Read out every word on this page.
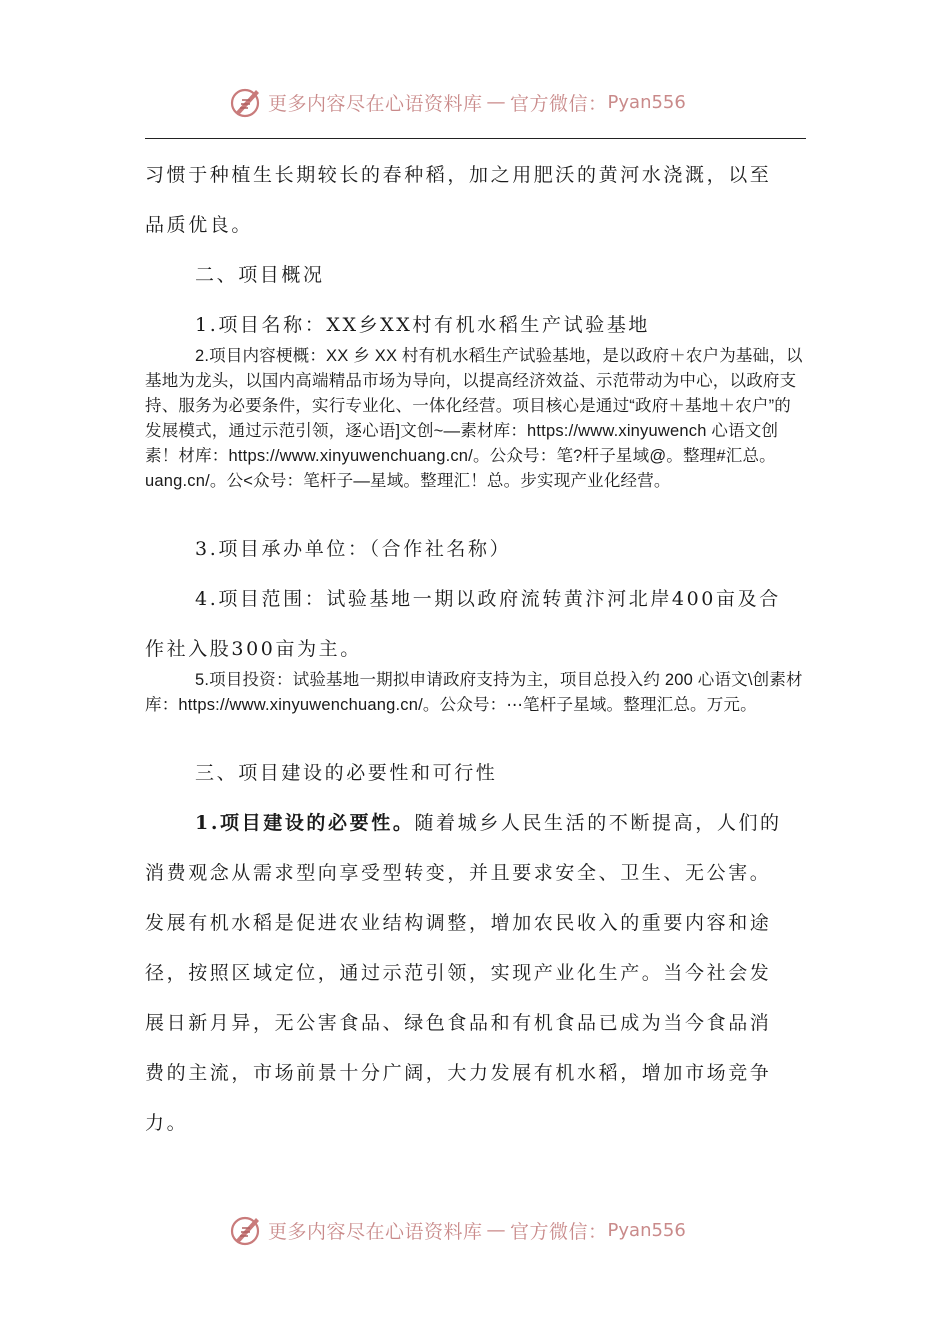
更多内容尽在心语资料库 — 官方微信： Pyan556
习惯于种植生长期较长的春种稻，加之用肥沃的黄河水浇溉，以至
品质优良。
二、项目概况
1.项目名称：XX乡XX村有机水稻生产试验基地

2.项目内容梗概：XX 乡 XX 村有机水稻生产试验基地，是以政府＋农户为基础，以基地为龙头，以国内高端精品市场为导向，以提高经济效益、示范带动为中心，以政府支持、服务为必要条件，实行专业化、一体化经营。项目核心是通过“政府＋基地＋农户”的发展模式，通过示范引领，逐心语]文创~—素材库：https://www.xinyuwench 心语文创素！材库：https://www.xinyuwenchuang.cn/。公众号：笔?杆子星域@。整理#汇总。uang.cn/。公<众号：笔杆子—星域。整理汇！总。步实现产业化经营。

3.项目承办单位：（合作社名称）
4.项目范围：试验基地一期以政府流转黄汴河北岸400亩及合
作社入股300亩为主。

5.项目投资：试验基地一期拟申请政府支持为主，项目总投入约 200 心语文\创素材库：https://www.xinyuwenchuang.cn/。公众号：⋯笔杆子星域。整理汇总。万元。

三、项目建设的必要性和可行性
1.项目建设的必要性。随着城乡人民生活的不断提高，人们的
消费观念从需求型向享受型转变，并且要求安全、卫生、无公害。
发展有机水稻是促进农业结构调整，增加农民收入的重要内容和途
径，按照区域定位，通过示范引领，实现产业化生产。当今社会发
展日新月异，无公害食品、绿色食品和有机食品已成为当今食品消
费的主流，市场前景十分广阔，大力发展有机水稻，增加市场竞争
力。
更多内容尽在心语资料库 — 官方微信： Pyan556
